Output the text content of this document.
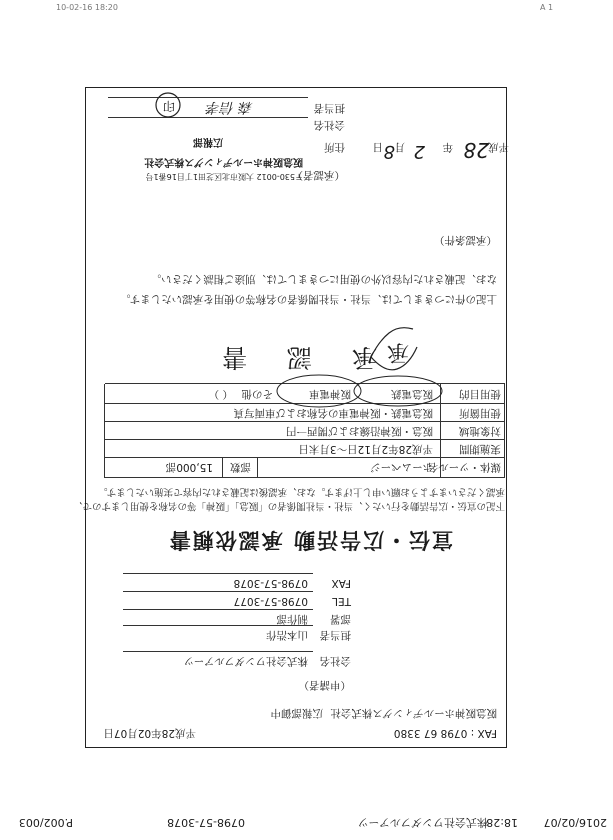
10-02-16 18:20	A 1
2016/02/07
18:28
株式会社ワンダフルアーツ
0798-57-3078
P.002/003
FAX : 0798 67 3380
平成28年02月07日
阪急阪神ホールディングス株式会社
広報部御中
（申請者）
会社名
株式会社ワンダフルアーツ
担当者
山本浩作
部署
制作部
TEL
0798-57-3077
FAX
0798-57-3078
宣伝・広告活動 承認依頼書
下記の宣伝・広告活動を行いたく、当社・当社関係者の「阪急」「阪神」等の名称を使用しますので、
承認くださいますようお願い申し上げます。なお、承認後は記載された内容で実施いたします。
媒体・ツール名
ホームページ
部数
15,000部
実施期間
平成28年2月12日～3月末日
対象地域
阪急・阪神沿線および関西一円
使用箇所
阪急電鉄・阪神電車の名称および車両写真
使用目的
阪急電鉄
阪神電車
その他
（ ）
承 認 書 承
上記の件につきましては、当社・当社関係者の名称等の使用を承認いたします。
なお、記載された内容以外の使用につきましては、別途ご相談ください。
（承認条件）
平成
28
年
2
月
8
日
（承認者）
住所
〒530-0012 大阪市北区芝田1丁目16番1号
会社名
阪急阪神ホールディングス株式会社
広報部
担当者
森 信孝
印
